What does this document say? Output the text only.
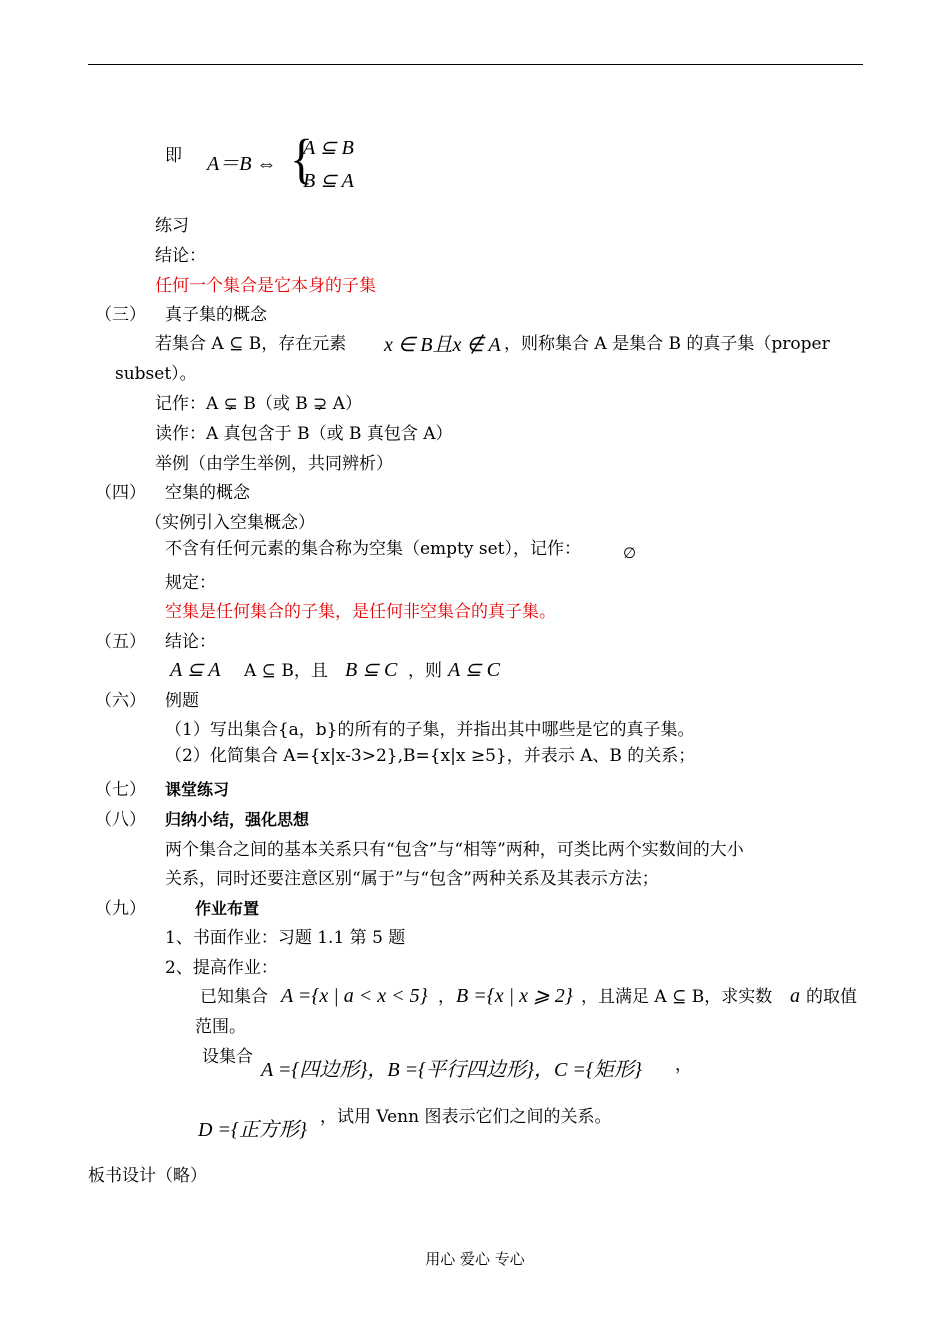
即 A＝B ⇔ {
A ⊆ B
B ⊆ A
练习
结论：
任何一个集合是它本身的子集
（三） 真子集的概念
若集合 A ⊆ B，存在元素 x ∈ B且x ∉ A ，则称集合 A 是集合 B 的真子集（proper
subset）。
记作：A ⊊ B（或 B ⊋ A）
读作：A 真包含于 B（或 B 真包含 A）
举例（由学生举例，共同辨析）
（四） 空集的概念
（实例引入空集概念）
不含有任何元素的集合称为空集（empty set），记作：	∅
规定：
空集是任何集合的子集，是任何非空集合的真子集。
（五） 结论：
A ⊆ A A ⊆ B，且 B ⊆ C ，则 A ⊆ C
（六） 例题
（1）写出集合{a，b}的所有的子集，并指出其中哪些是它的真子集。
（2）化简集合 A={x|x-3>2},B={x|x ≥5}，并表示 A、B 的关系；
（七） 课堂练习
（八） 归纳小结，强化思想
两个集合之间的基本关系只有“包含”与“相等”两种，可类比两个实数间的大小
关系，同时还要注意区别“属于”与“包含”两种关系及其表示方法；
（九）	作业布置
1、书面作业：习题 1.1 第 5 题
2、提高作业：
已知集合 A ={x | a < x < 5} ， B ={x | x ⩾ 2} ，且满足 A ⊆ B，求实数 a 的取值
范围。
设集合
A ={四边形}，B ={平行四边形}，C ={矩形} ，
D ={正方形}
，试用 Venn 图表示它们之间的关系。
板书设计（略）
用心 爱心 专心
